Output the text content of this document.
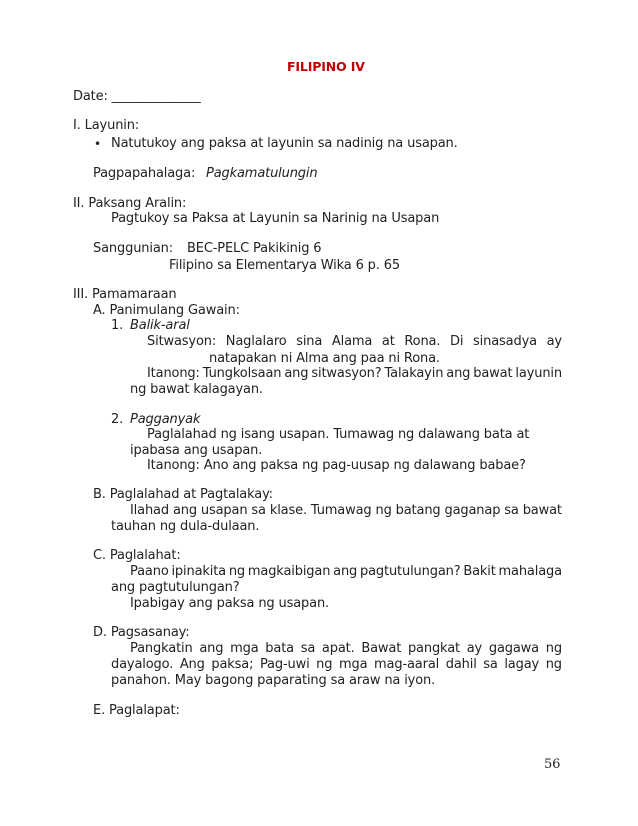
FILIPINO IV
Date: ______________
I. Layunin:
• Natutukoy ang paksa at layunin sa nadinig na usapan.
Pagpapahalaga: Pagkamatulungin
II. Paksang Aralin:
Pagtukoy sa Paksa at Layunin sa Narinig na Usapan
Sanggunian: BEC-PELC Pakikinig 6
Filipino sa Elementarya Wika 6 p. 65
III. Pamamaraan
A. Panimulang Gawain:
1. Balik-aral
Sitwasyon: Naglalaro sina Alama at Rona. Di sinasadya ay
natapakan ni Alma ang paa ni Rona.
Itanong: Tungkolsaan ang sitwasyon? Talakayin ang bawat layunin
ng bawat kalagayan.
2. Pagganyak
Paglalahad ng isang usapan. Tumawag ng dalawang bata at
ipabasa ang usapan.
Itanong: Ano ang paksa ng pag-uusap ng dalawang babae?
B. Paglalahad at Pagtalakay:
Ilahad ang usapan sa klase. Tumawag ng batang gaganap sa bawat
tauhan ng dula-dulaan.
C. Paglalahat:
Paano ipinakita ng magkaibigan ang pagtutulungan? Bakit mahalaga
ang pagtutulungan?
Ipabigay ang paksa ng usapan.
D. Pagsasanay:
Pangkatin ang mga bata sa apat. Bawat pangkat ay gagawa ng
dayalogo. Ang paksa; Pag-uwi ng mga mag-aaral dahil sa lagay ng
panahon. May bagong paparating sa araw na iyon.
E. Paglalapat:
56
